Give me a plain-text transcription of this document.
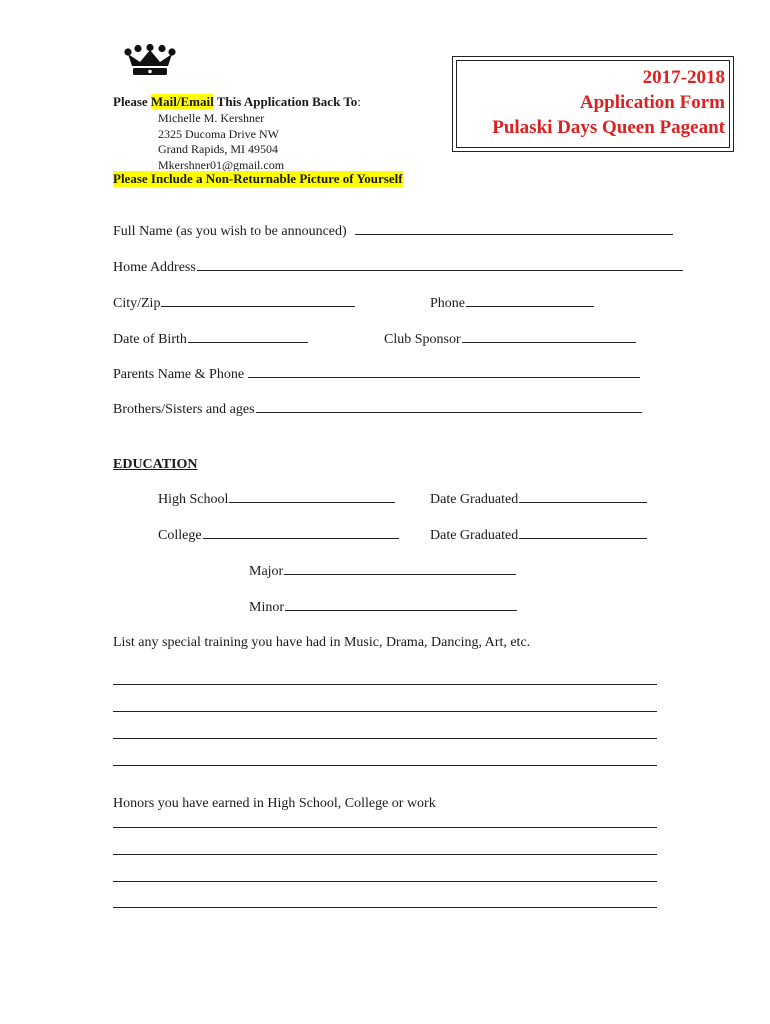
2017-2018
Application Form
Pulaski Days Queen Pageant
Please Mail/Email This Application Back To:
Michelle M. Kershner
2325 Ducoma Drive NW
Grand Rapids, MI 49504
Mkershner01@gmail.com
Please Include a Non-Returnable Picture of Yourself
Full Name (as you wish to be announced)
Home Address
City/Zip	Phone
Date of Birth	Club Sponsor
Parents Name & Phone
Brothers/Sisters and ages
EDUCATION
High School	Date Graduated
College	Date Graduated
Major
Minor
List any special training you have had in Music, Drama, Dancing, Art, etc.
Honors you have earned in High School, College or work
